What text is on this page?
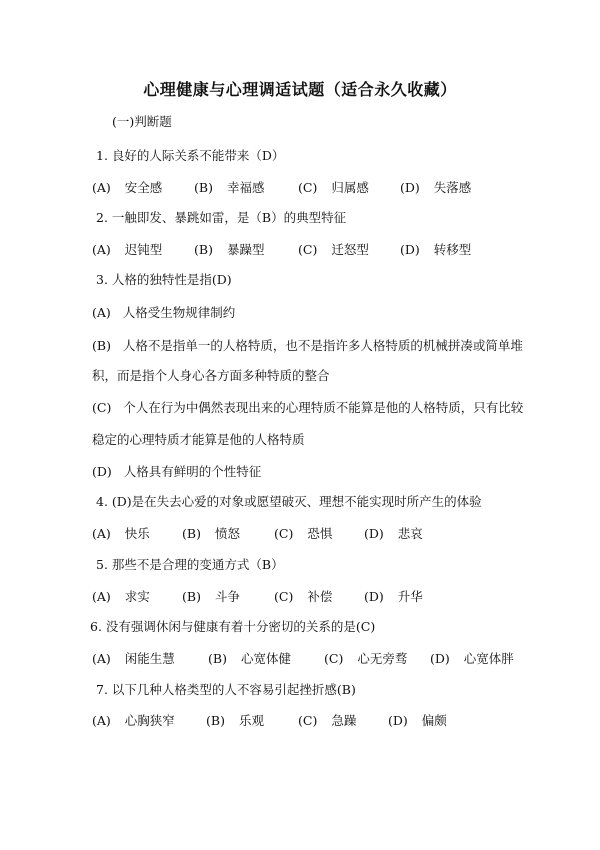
心理健康与心理调适试题（适合永久收藏）
(一)判断题
1. 良好的人际关系不能带来（D）
(A) 安全感	(B) 幸福感	(C) 归属感 (D) 失落感
2. 一触即发、暴跳如雷，是（B）的典型特征
(A) 迟钝型	(B) 暴躁型	(C) 迁怒型 (D) 转移型
3. 人格的独特性是指(D)
(A) 人格受生物规律制约
(B) 人格不是指单一的人格特质，也不是指许多人格特质的机械拼凑或简单堆
积，而是指个人身心各方面多种特质的整合
(C) 个人在行为中偶然表现出来的心理特质不能算是他的人格特质，只有比较
稳定的心理特质才能算是他的人格特质
(D) 人格具有鲜明的个性特征
4. (D)是在失去心爱的对象或愿望破灭、理想不能实现时所产生的体验
(A) 快乐	(B) 愤怒	(C) 恐惧	(D) 悲哀
5. 那些不是合理的变通方式（B）
(A) 求实	(B) 斗争	(C) 补偿	(D) 升华
6. 没有强调休闲与健康有着十分密切的关系的是(C)
(A) 闲能生慧	(B) 心宽体健	(C) 心无旁骛 (D) 心宽体胖
7. 以下几种人格类型的人不容易引起挫折感(B)
(A) 心胸狭窄 (B) 乐观	(C) 急躁	(D) 偏颇
